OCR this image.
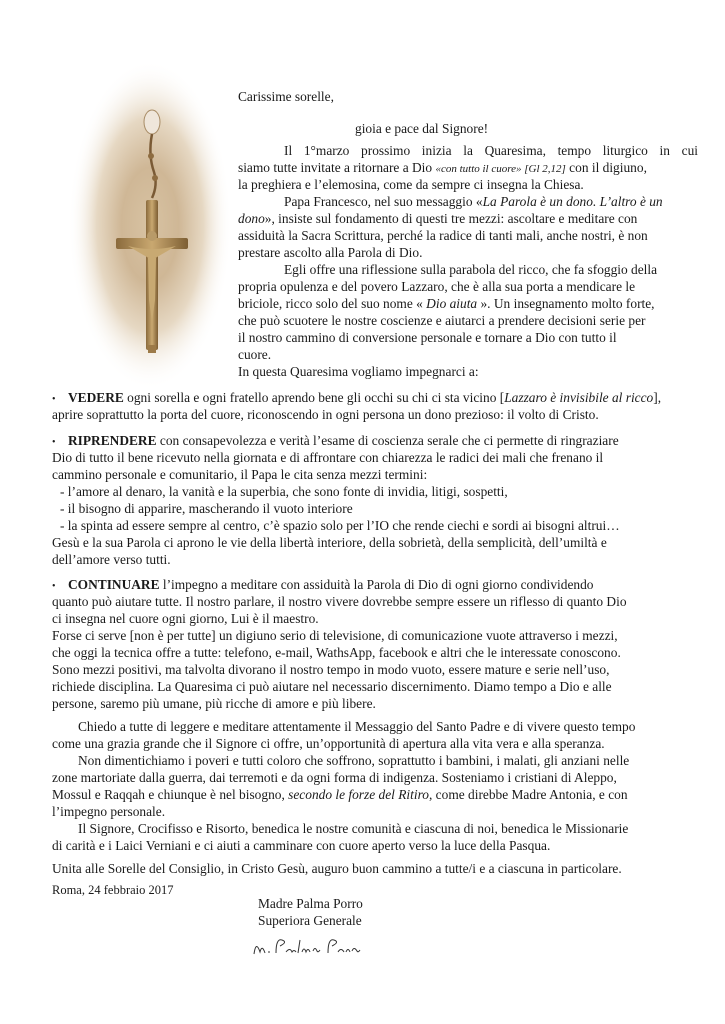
Carissime sorelle,
gioia e pace dal Signore!
Il 1°marzo prossimo inizia la Quaresima, tempo liturgico in cui
siamo tutte invitate a ritornare a Dio «con tutto il cuore» [Gl 2,12] con il digiuno,
la preghiera e l’elemosina, come da sempre ci insegna la Chiesa.
Papa Francesco, nel suo messaggio «La Parola è un dono. L’altro è un
dono», insiste sul fondamento di questi tre mezzi: ascoltare e meditare con
assiduità la Sacra Scrittura, perché la radice di tanti mali, anche nostri, è non
prestare ascolto alla Parola di Dio.
Egli offre una riflessione sulla parabola del ricco, che fa sfoggio della
propria opulenza e del povero Lazzaro, che è alla sua porta a mendicare le
briciole, ricco solo del suo nome « Dio aiuta ». Un insegnamento molto forte,
che può scuotere le nostre coscienze e aiutarci a prendere decisioni serie per
il nostro cammino di conversione personale e tornare a Dio con tutto il
cuore.
In questa Quaresima vogliamo impegnarci a:
• VEDERE ogni sorella e ogni fratello aprendo bene gli occhi su chi ci sta vicino [Lazzaro è invisibile al ricco],
aprire soprattutto la porta del cuore, riconoscendo in ogni persona un dono prezioso: il volto di Cristo.
• RIPRENDERE con consapevolezza e verità l’esame di coscienza serale che ci permette di ringraziare
Dio di tutto il bene ricevuto nella giornata e di affrontare con chiarezza le radici dei mali che frenano il
cammino personale e comunitario, il Papa le cita senza mezzi termini:
- l’amore al denaro, la vanità e la superbia, che sono fonte di invidia, litigi, sospetti,
- il bisogno di apparire, mascherando il vuoto interiore
- la spinta ad essere sempre al centro, c’è spazio solo per l’IO che rende ciechi e sordi ai bisogni altrui…
Gesù e la sua Parola ci aprono le vie della libertà interiore, della sobrietà, della semplicità, dell’umiltà e
dell’amore verso tutti.
• CONTINUARE l’impegno a meditare con assiduità la Parola di Dio di ogni giorno condividendo
quanto può aiutare tutte. Il nostro parlare, il nostro vivere dovrebbe sempre essere un riflesso di quanto Dio
ci insegna nel cuore ogni giorno, Lui è il maestro.
Forse ci serve [non è per tutte] un digiuno serio di televisione, di comunicazione vuote attraverso i mezzi,
che oggi la tecnica offre a tutte: telefono, e-mail, WathsApp, facebook e altri che le interessate conoscono.
Sono mezzi positivi, ma talvolta divorano il nostro tempo in modo vuoto, essere mature e serie nell’uso,
richiede disciplina. La Quaresima ci può aiutare nel necessario discernimento. Diamo tempo a Dio e alle
persone, saremo più umane, più ricche di amore e più libere.
Chiedo a tutte di leggere e meditare attentamente il Messaggio del Santo Padre e di vivere questo tempo
come una grazia grande che il Signore ci offre, un’opportunità di apertura alla vita vera e alla speranza.
Non dimentichiamo i poveri e tutti coloro che soffrono, soprattutto i bambini, i malati, gli anziani nelle
zone martoriate dalla guerra, dai terremoti e da ogni forma di indigenza. Sosteniamo i cristiani di Aleppo,
Mossul e Raqqah e chiunque è nel bisogno, secondo le forze del Ritiro, come direbbe Madre Antonia, e con
l’impegno personale.
Il Signore, Crocifisso e Risorto, benedica le nostre comunità e ciascuna di noi, benedica le Missionarie
di carità e i Laici Verniani e ci aiuti a camminare con cuore aperto verso la luce della Pasqua.
Unita alle Sorelle del Consiglio, in Cristo Gesù, auguro buon cammino a tutte/i e a ciascuna in particolare.
Roma, 24 febbraio 2017
Madre Palma Porro
Superiora Generale
